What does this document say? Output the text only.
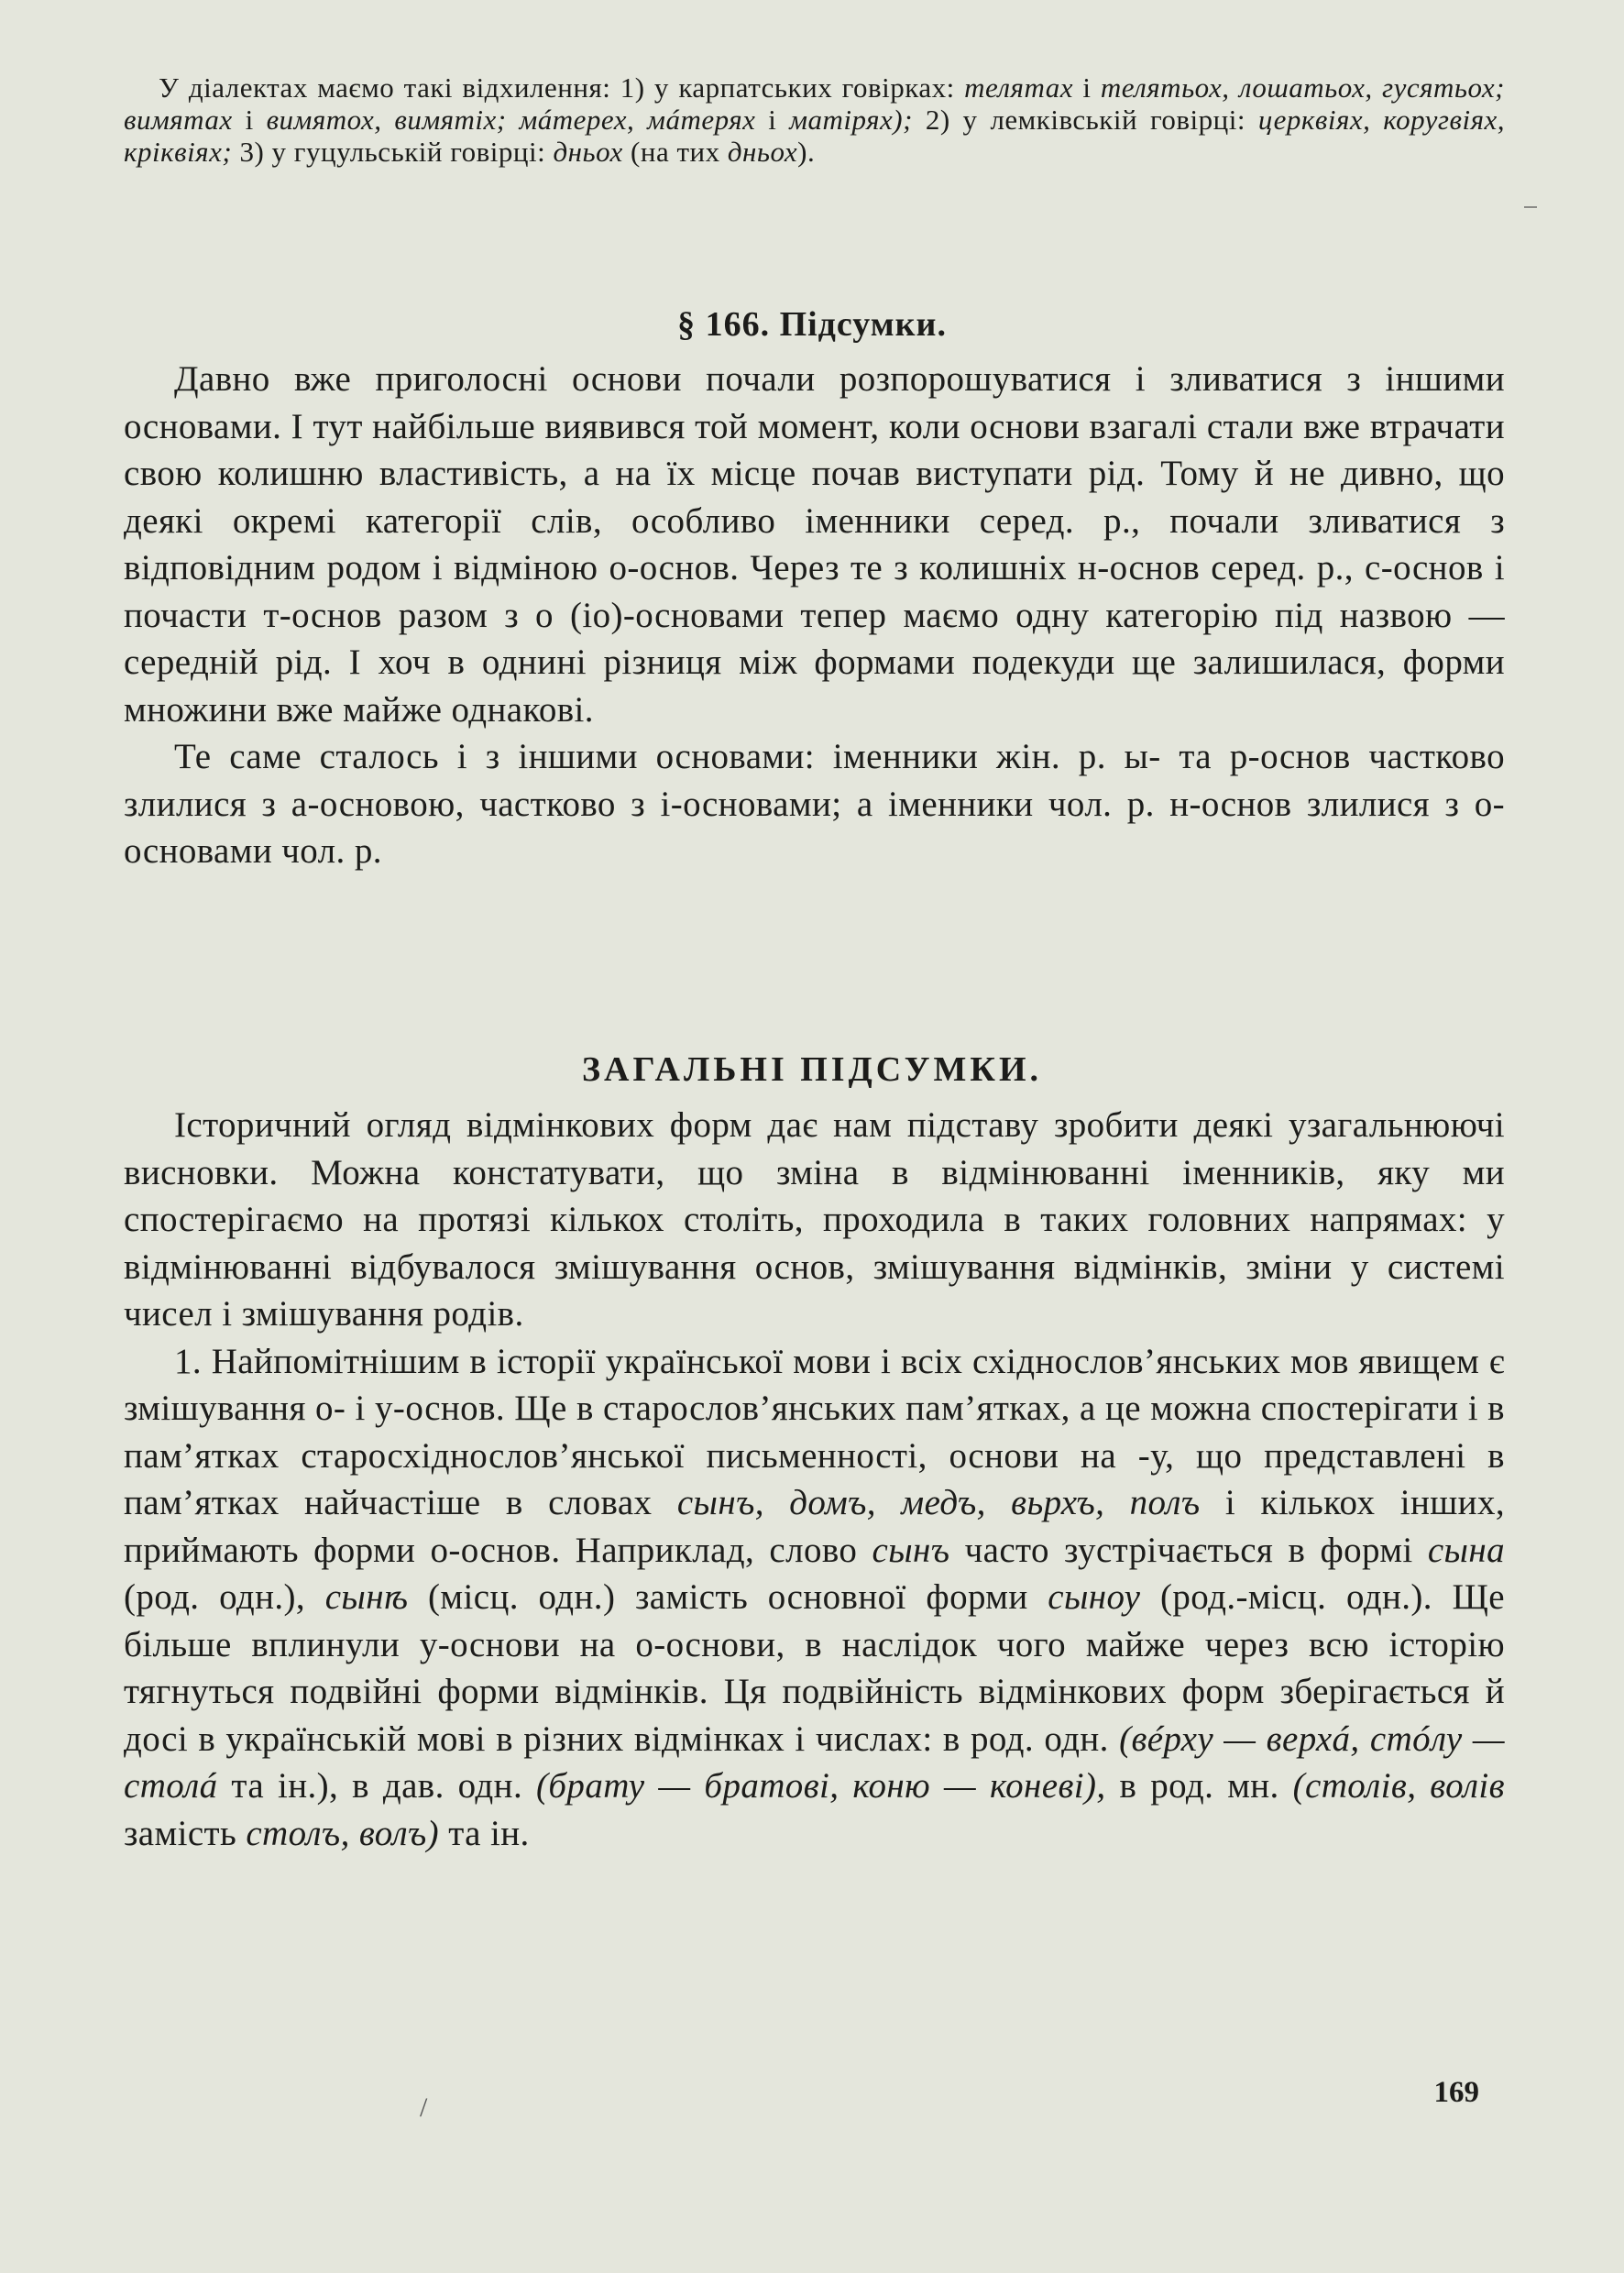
У діалектах маємо такі відхилення: 1) у карпатських говірках: телятах і телятьох, лошатьох, гусятьох; вимятах і вимятох, вимятіх; мáтерех, мáтерях і матіряx); 2) у лемківській говірці: церквіях, коругвіях, кріквіях; 3) у гуцульській говірці: дньох (на тих дньох).

§ 166. Підсумки.

Давно вже приголосні основи почали розпорошуватися і зливатися з іншими основами. І тут найбільше виявився той момент, коли основи взагалі стали вже втрачати свою колишню властивість, а на їх місце почав виступати рід. Тому й не дивно, що деякі окремі категорії слів, особливо іменники серед. р., почали зливатися з відповідним родом і відміною о-основ. Через те з колишніх н-основ серед. р., с-основ і почасти т-основ разом з о (іо)-основами тепер маємо одну категорію під назвою — середній рід. І хоч в однині різниця між формами подекуди ще залишилася, форми множини вже майже однакові.

Те саме сталось і з іншими основами: іменники жін. р. ы- та р-основ частково злилися з а-основою, частково з і-основами; а іменники чол. р. н-основ злилися з о-основами чол. р.

ЗАГАЛЬНІ ПІДСУМКИ.

Історичний огляд відмінкових форм дає нам підставу зробити деякі узагальнюючі висновки. Можна констатувати, що зміна в відмінюванні іменників, яку ми спостерігаємо на протязі кількох століть, проходила в таких головних напрямах: у відмінюванні відбувалося змішування основ, змішування відмінків, зміни у системі чисел і змішування родів.

1. Найпомітнішим в історії української мови і всіх східнослов’янських мов явищем є змішування о- і у-основ. Ще в старослов’янських пам’ятках, а це можна спостерігати і в пам’ятках старосхіднослов’янської письменності, основи на -у, що представлені в пам’ятках найчастіше в словах сынъ, домъ, медъ, вьрхъ, полъ і кількох інших, приймають форми о-основ. Наприклад, слово сынъ часто зустрічається в формі сына (род. одн.), сынѣ (місц. одн.) замість основної форми сыноу (род.-місц. одн.). Ще більше вплинули у-основи на о-основи, в наслідок чого майже через всю історію тягнуться подвійні форми відмінків. Ця подвійність відмінкових форм зберігається й досі в українській мові в різних відмінках і числах: в род. одн. (вéрху — верхá, стóлу — столá та ін.), в дав. одн. (брату — братові, коню — коневі), в род. мн. (столів, волів замість столъ, волъ) та ін.

/	169
